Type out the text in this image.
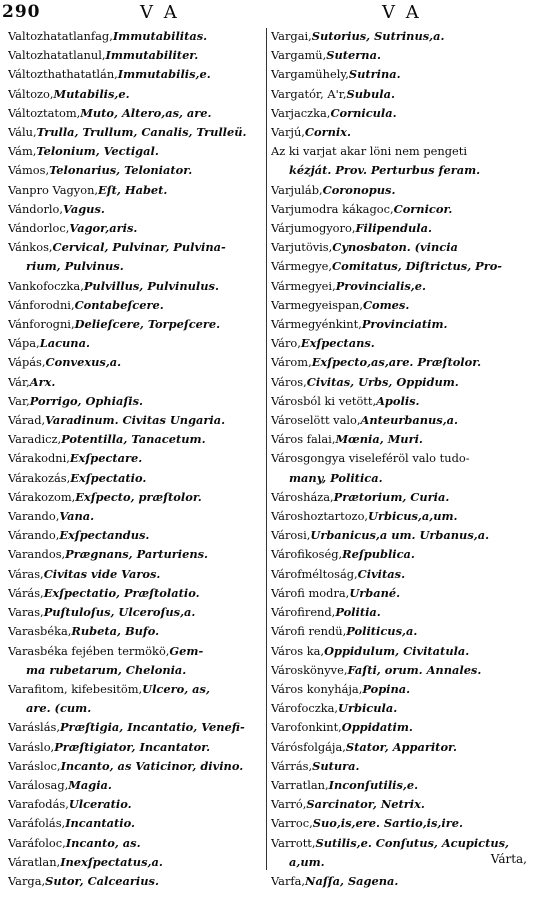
290	VA	VA
Valtozhatatlanfag,Immutabilitas.
Valtozhatatlanul,Immutabiliter.
Változthathatatlán,Immutabilis,e.
Változo,Mutabilis,e.
Változtatom,Muto, Altero,as, are.
Válu,Trulla, Trullum, Canalis, Trulleü.
Vám,Telonium, Vectigal.
Vámos,Telonarius, Teloniator.
Vanpro Vagyon,Eſt, Habet.
Vándorlo,Vagus.
Vándorloc,Vagor,aris.
Vánkos,Cervical, Pulvinar, Pulvina-
rium, Pulvinus.
Vankofoczka,Pulvillus, Pulvinulus.
Vánforodni,Contabeſcere.
Vánforogni,Delieſcere, Torpeſcere.
Vápa,Lacuna.
Vápás,Convexus,a.
Vár,Arx.
Var,Porrigo, Ophiaſis.
Várad,Varadinum. Civitas Ungaria.
Varadicz,Potentilla, Tanacetum.
Várakodni,Exſpectare.
Várakozás,Exſpectatio.
Várakozom,Exſpecto, præſtolor.
Varando,Vana.
Várando,Exſpectandus.
Varandos,Prægnans, Parturiens.
Váras,Civitas vide Varos.
Várás,Exſpectatio, Præſtolatio.
Varas,Puſtuloſus, Ulceroſus,a.
Varasbéka,Rubeta, Bufo.
Varasbéka fejében termökö,Gem-
ma rubetarum, Chelonia.
Varafitom, kifebesitöm,Ulcero, as,
are. (cum.
Varáslás,Præſtigia, Incantatio, Venefi-
Varáslo,Præſtigiator, Incantator.
Varásloc,Incanto, as Vaticinor, divino.
Varálosag,Magia.
Varafodás,Ulceratio.
Varáfolás,Incantatio.
Varáfoloc,Incanto, as.
Váratlan,Inexſpectatus,a.
Varga,Sutor, Calcearius.
Vargai,Sutorius, Sutrinus,a.
Vargamü,Suterna.
Vargamühely,Sutrina.
Vargatór, A'r,Subula.
Varjaczka,Cornicula.
Varjú,Cornix.
Az ki varjat akar löni nem pengeti
kézját. Prov. Perturbus feram.
Varjuláb,Coronopus.
Varjumodra kákagoc,Cornicor.
Várjumogyoro,Filipendula.
Varjutövis,Cynosbaton. (vincia
Vármegye,Comitatus, Diſtrictus, Pro-
Vármegyei,Provincialis,e.
Varmegyeispan,Comes.
Vármegyénkint,Provinciatim.
Váro,Exſpectans.
Várom,Exſpecto,as,are. Præſtolor.
Város,Civitas, Urbs, Oppidum.
Városból ki vetött,Apolis.
Városelött valo,Anteurbanus,a.
Város falai,Mœnia, Muri.
Városgongya viseleféröl valo tudo-
many, Politica.
Városháza,Prætorium, Curia.
Városhoztartozo,Urbicus,a,um.
Városi,Urbanicus,a um. Urbanus,a.
Várofikoség,Reſpublica.
Várofméltoság,Civitas.
Várofi modra,Urbané.
Várofirend,Politia.
Várofi rendü,Politicus,a.
Város ka,Oppidulum, Civitatula.
Városkönyve,Faſti, orum. Annales.
Város konyhája,Popina.
Várofoczka,Urbicula.
Varofonkint,Oppidatim.
Várósfolgája,Stator, Apparitor.
Várrás,Sutura.
Varratlan,Inconſutilis,e.
Varró,Sarcinator, Netrix.
Varroc,Suo,is,ere. Sartio,is,ire.
Varrott,Sutilis,e. Conſutus, Acupictus,
a,um.
Varfa,Naſſa, Sagena.
Várta,
